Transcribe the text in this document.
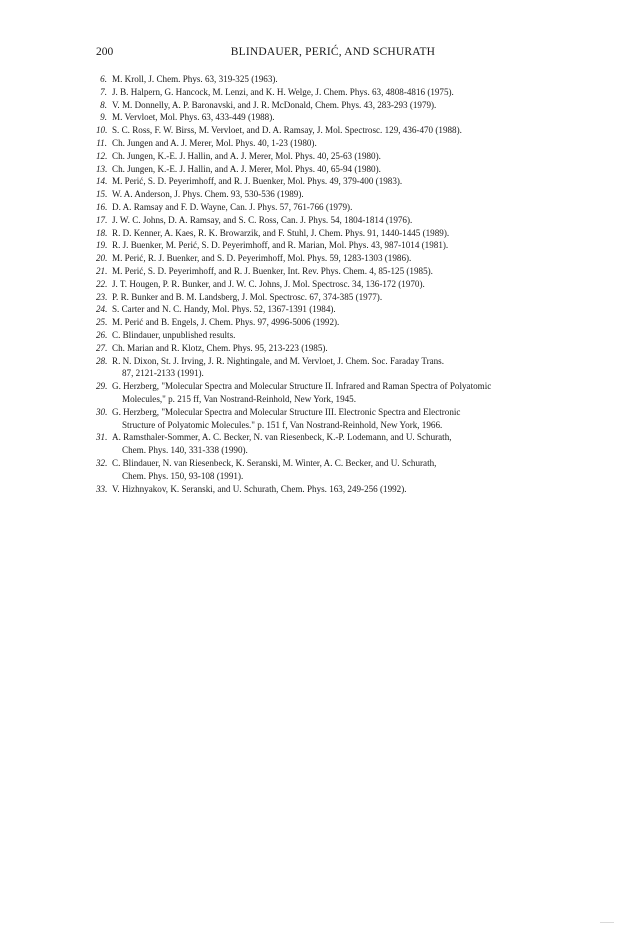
200	BLINDAUER, PERIĆ, AND SCHURATH
6. M. Kroll, J. Chem. Phys. 63, 319-325 (1963).
7. J. B. Halpern, G. Hancock, M. Lenzi, and K. H. Welge, J. Chem. Phys. 63, 4808-4816 (1975).
8. V. M. Donnelly, A. P. Baronavski, and J. R. McDonald, Chem. Phys. 43, 283-293 (1979).
9. M. Vervloet, Mol. Phys. 63, 433-449 (1988).
10. S. C. Ross, F. W. Birss, M. Vervloet, and D. A. Ramsay, J. Mol. Spectrosc. 129, 436-470 (1988).
11. Ch. Jungen and A. J. Merer, Mol. Phys. 40, 1-23 (1980).
12. Ch. Jungen, K.-E. J. Hallin, and A. J. Merer, Mol. Phys. 40, 25-63 (1980).
13. Ch. Jungen, K.-E. J. Hallin, and A. J. Merer, Mol. Phys. 40, 65-94 (1980).
14. M. Perić, S. D. Peyerimhoff, and R. J. Buenker, Mol. Phys. 49, 379-400 (1983).
15. W. A. Anderson, J. Phys. Chem. 93, 530-536 (1989).
16. D. A. Ramsay and F. D. Wayne, Can. J. Phys. 57, 761-766 (1979).
17. J. W. C. Johns, D. A. Ramsay, and S. C. Ross, Can. J. Phys. 54, 1804-1814 (1976).
18. R. D. Kenner, A. Kaes, R. K. Browarzik, and F. Stuhl, J. Chem. Phys. 91, 1440-1445 (1989).
19. R. J. Buenker, M. Perić, S. D. Peyerimhoff, and R. Marian, Mol. Phys. 43, 987-1014 (1981).
20. M. Perić, R. J. Buenker, and S. D. Peyerimhoff, Mol. Phys. 59, 1283-1303 (1986).
21. M. Perić, S. D. Peyerimhoff, and R. J. Buenker, Int. Rev. Phys. Chem. 4, 85-125 (1985).
22. J. T. Hougen, P. R. Bunker, and J. W. C. Johns, J. Mol. Spectrosc. 34, 136-172 (1970).
23. P. R. Bunker and B. M. Landsberg, J. Mol. Spectrosc. 67, 374-385 (1977).
24. S. Carter and N. C. Handy, Mol. Phys. 52, 1367-1391 (1984).
25. M. Perić and B. Engels, J. Chem. Phys. 97, 4996-5006 (1992).
26. C. Blindauer, unpublished results.
27. Ch. Marian and R. Klotz, Chem. Phys. 95, 213-223 (1985).
28. R. N. Dixon, St. J. Irving, J. R. Nightingale, and M. Vervloet, J. Chem. Soc. Faraday Trans.
87, 2121-2133 (1991).
29. G. Herzberg, "Molecular Spectra and Molecular Structure II. Infrared and Raman Spectra of Polyatomic
Molecules," p. 215 ff, Van Nostrand-Reinhold, New York, 1945.
30. G. Herzberg, "Molecular Spectra and Molecular Structure III. Electronic Spectra and Electronic
Structure of Polyatomic Molecules." p. 151 f, Van Nostrand-Reinhold, New York, 1966.
31. A. Ramsthaler-Sommer, A. C. Becker, N. van Riesenbeck, K.-P. Lodemann, and U. Schurath,
Chem. Phys. 140, 331-338 (1990).
32. C. Blindauer, N. van Riesenbeck, K. Seranski, M. Winter, A. C. Becker, and U. Schurath,
Chem. Phys. 150, 93-108 (1991).
33. V. Hizhnyakov, K. Seranski, and U. Schurath, Chem. Phys. 163, 249-256 (1992).
